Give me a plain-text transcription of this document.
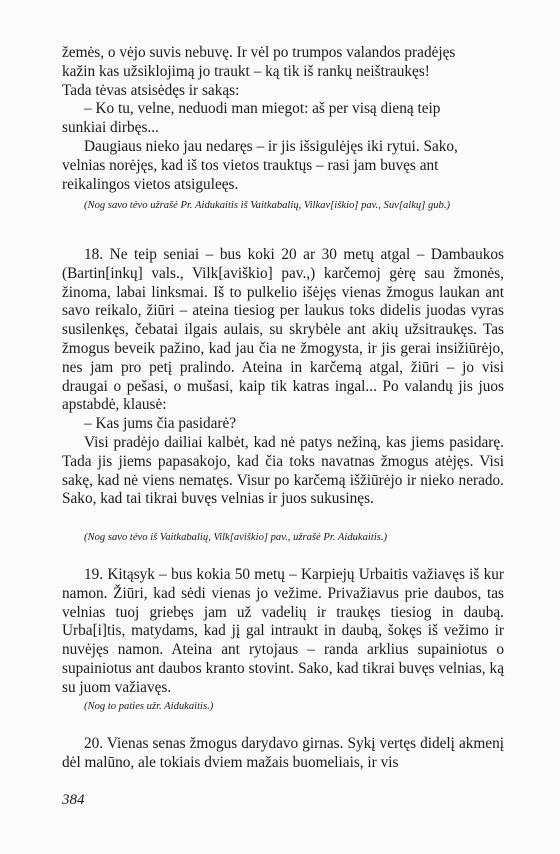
žemės, o vėjo suvis nebuvę. Ir vėl po trumpos valandos pradėjęs

kažin kas užsiklojimą jo traukt – ką tik iš rankų neištraukęs!

Tada tėvas atsisėdęs ir sakąs:

– Ko tu, velne, neduodi man miegot: aš per visą dieną teip

sunkiai dirbęs...

Daugiaus nieko jau nedaręs – ir jis išsigulėjęs iki rytui. Sako,

velnias norėjęs, kad iš tos vietos trauktųs – rasi jam buvęs ant

reikalingos vietos atsiguleęs.

(Nog savo tėvo užrašė Pr. Aidukaitis iš Vaitkabalių, Vilkav[iškio] pav., Suv[alkų] gub.)

18. Ne teip seniai – bus koki 20 ar 30 metų atgal – Dambaukos (Bartin[inkų] vals., Vilk[aviškio] pav.,) karčemoj gėrę sau žmonės, žinoma, labai linksmai. Iš to pulkelio išėjęs vienas žmogus laukan ant savo reikalo, žiūri – ateina tiesiog per laukus toks didelis juodas vyras susilenkęs, čebatai ilgais aulais, su skrybėle ant akių užsitraukęs. Tas žmogus beveik pažino, kad jau čia ne žmogysta, ir jis gerai insižiūrėjo, nes jam pro petį pralindo. Ateina in karčemą atgal, žiūri – jo visi draugai o pešasi, o mušasi, kaip tik katras ingal... Po valandų jis juos apstabdė, klausė:

– Kas jums čia pasidarė?

Visi pradėjo dailiai kalbėt, kad nė patys nežiną, kas jiems pasidarę. Tada jis jiems papasakojo, kad čia toks navatnas žmogus atėjęs. Visi sakę, kad nė viens nematęs. Visur po karčemą išžiūrėjo ir nieko nerado. Sako, kad tai tikrai buvęs velnias ir juos sukusinęs.

(Nog savo tėvo iš Vaitkabalių, Vilk[aviškio] pav., užrašė Pr. Aidukaitis.)

19. Kitąsyk – bus kokia 50 metų – Karpiejų Urbaitis važiavęs iš kur namon. Žiūri, kad sėdi vienas jo vežime. Privažiavus prie daubos, tas velnias tuoj griebęs jam už vadelių ir traukęs tiesiog in daubą. Urba[i]tis, matydams, kad jį gal intraukt in daubą, šokęs iš vežimo ir nuvėjęs namon. Ateina ant rytojaus – randa arklius supainiotus o supainiotus ant daubos kranto stovint. Sako, kad tikrai buvęs velnias, ką su juom važiavęs.

(Nog to paties užr. Aidukaitis.)

20. Vienas senas žmogus darydavo girnas. Sykį vertęs didelį akmenį dėl malūno, ale tokiais dviem mažais buomeliais, ir vis

384
